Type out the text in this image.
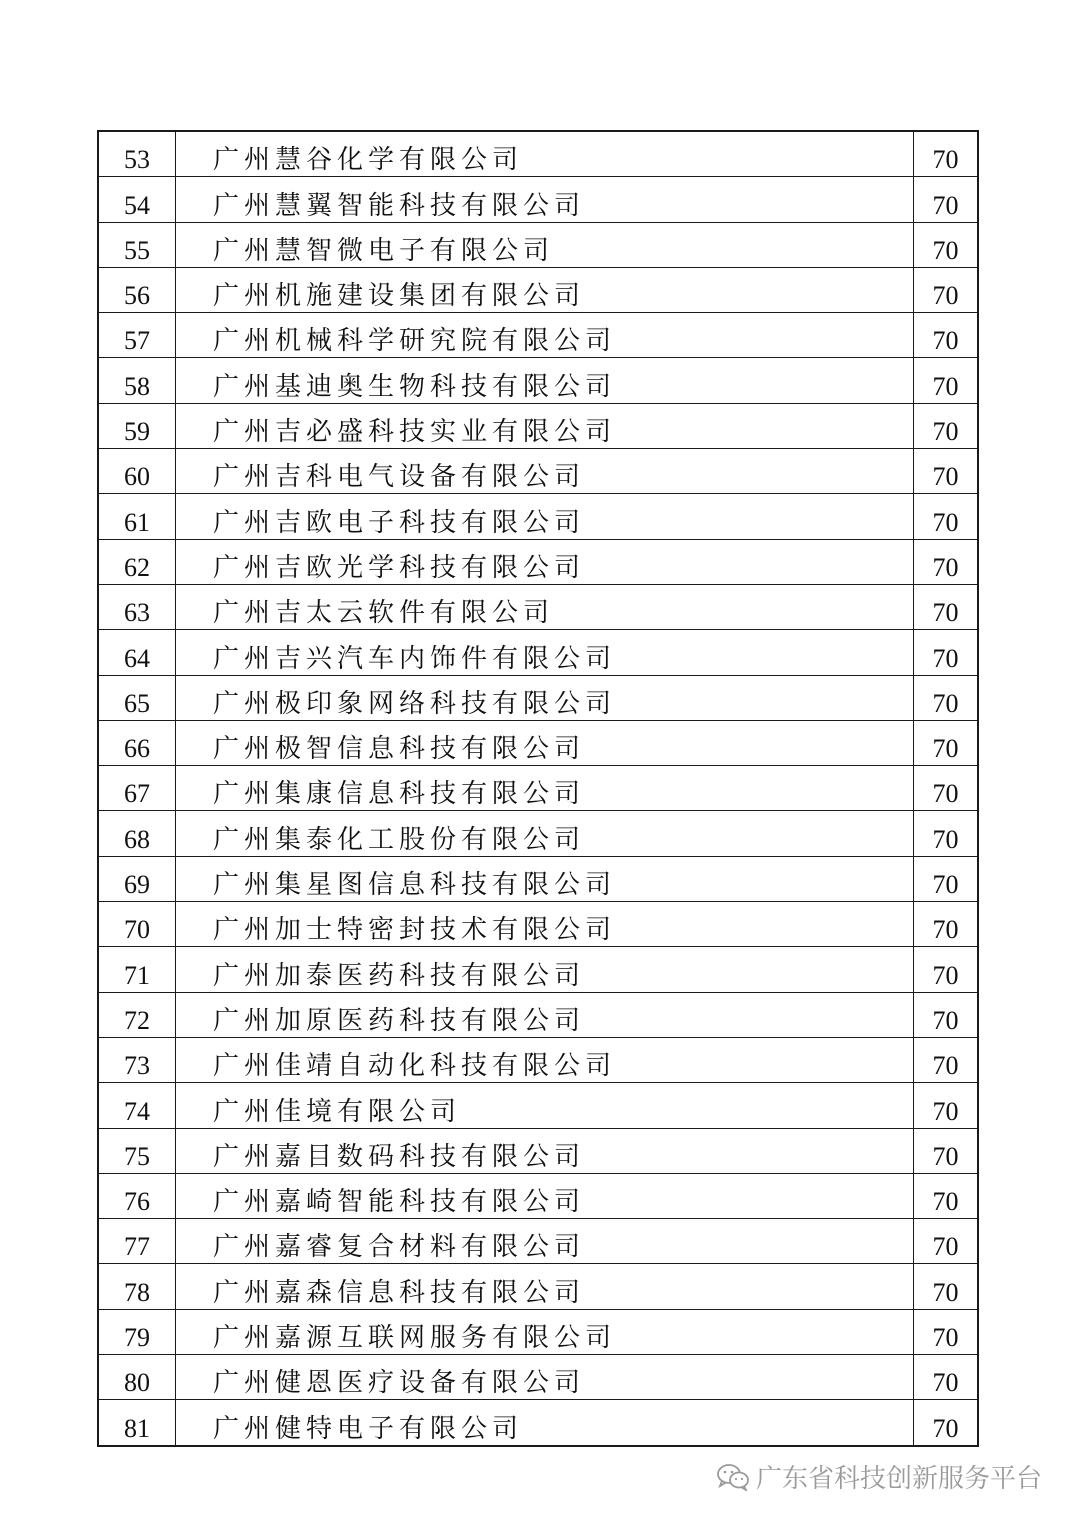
53	广州慧谷化学有限公司	70
54	广州慧翼智能科技有限公司	70
55	广州慧智微电子有限公司	70
56	广州机施建设集团有限公司	70
57	广州机械科学研究院有限公司	70
58	广州基迪奥生物科技有限公司	70
59	广州吉必盛科技实业有限公司	70
60	广州吉科电气设备有限公司	70
61	广州吉欧电子科技有限公司	70
62	广州吉欧光学科技有限公司	70
63	广州吉太云软件有限公司	70
64	广州吉兴汽车内饰件有限公司	70
65	广州极印象网络科技有限公司	70
66	广州极智信息科技有限公司	70
67	广州集康信息科技有限公司	70
68	广州集泰化工股份有限公司	70
69	广州集星图信息科技有限公司	70
70	广州加士特密封技术有限公司	70
71	广州加泰医药科技有限公司	70
72	广州加原医药科技有限公司	70
73	广州佳靖自动化科技有限公司	70
74	广州佳境有限公司	70
75	广州嘉目数码科技有限公司	70
76	广州嘉崎智能科技有限公司	70
77	广州嘉睿复合材料有限公司	70
78	广州嘉森信息科技有限公司	70
79	广州嘉源互联网服务有限公司	70
80	广州健恩医疗设备有限公司	70
81	广州健特电子有限公司	70
广东省科技创新服务平台
